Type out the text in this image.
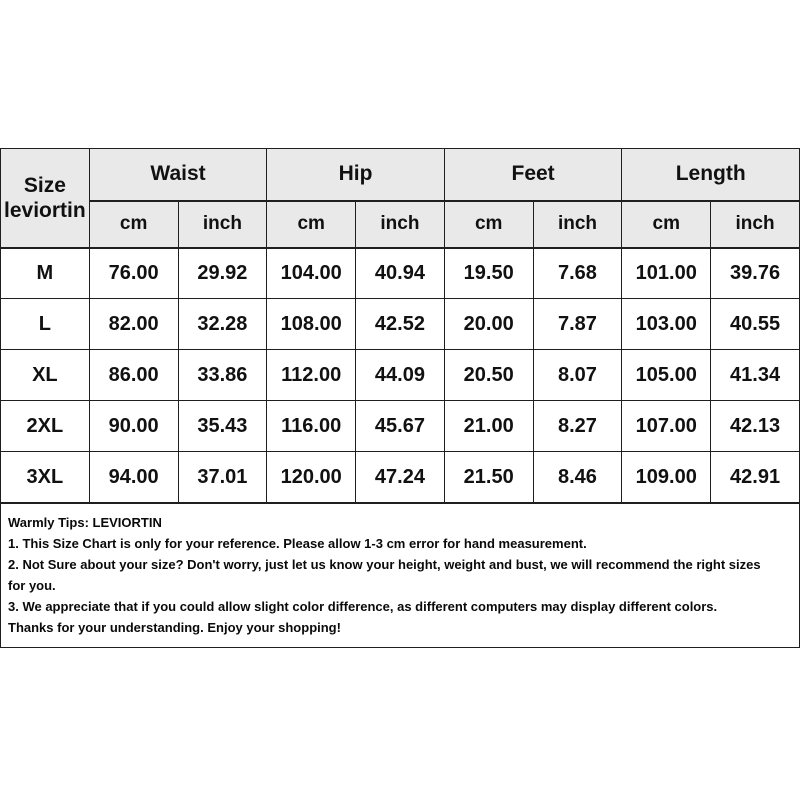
Size
leviortin	Waist		Hip		Feet		Length	
	cm	inch	cm	inch	cm	inch	cm	inch
M	76.00	29.92	104.00	40.94	19.50	7.68	101.00	39.76
L	82.00	32.28	108.00	42.52	20.00	7.87	103.00	40.55
XL	86.00	33.86	112.00	44.09	20.50	8.07	105.00	41.34
2XL	90.00	35.43	116.00	45.67	21.00	8.27	107.00	42.13
3XL	94.00	37.01	120.00	47.24	21.50	8.46	109.00	42.91
Warmly Tips: LEVIORTIN
1. This Size Chart is only for your reference. Please allow 1-3 cm error for hand measurement.
2. Not Sure about your size? Don't worry, just let us know your height, weight and bust, we will recommend the right sizes
for you.
3. We appreciate that if you could allow slight color difference, as different computers may display different colors.
Thanks for your understanding. Enjoy your shopping!
